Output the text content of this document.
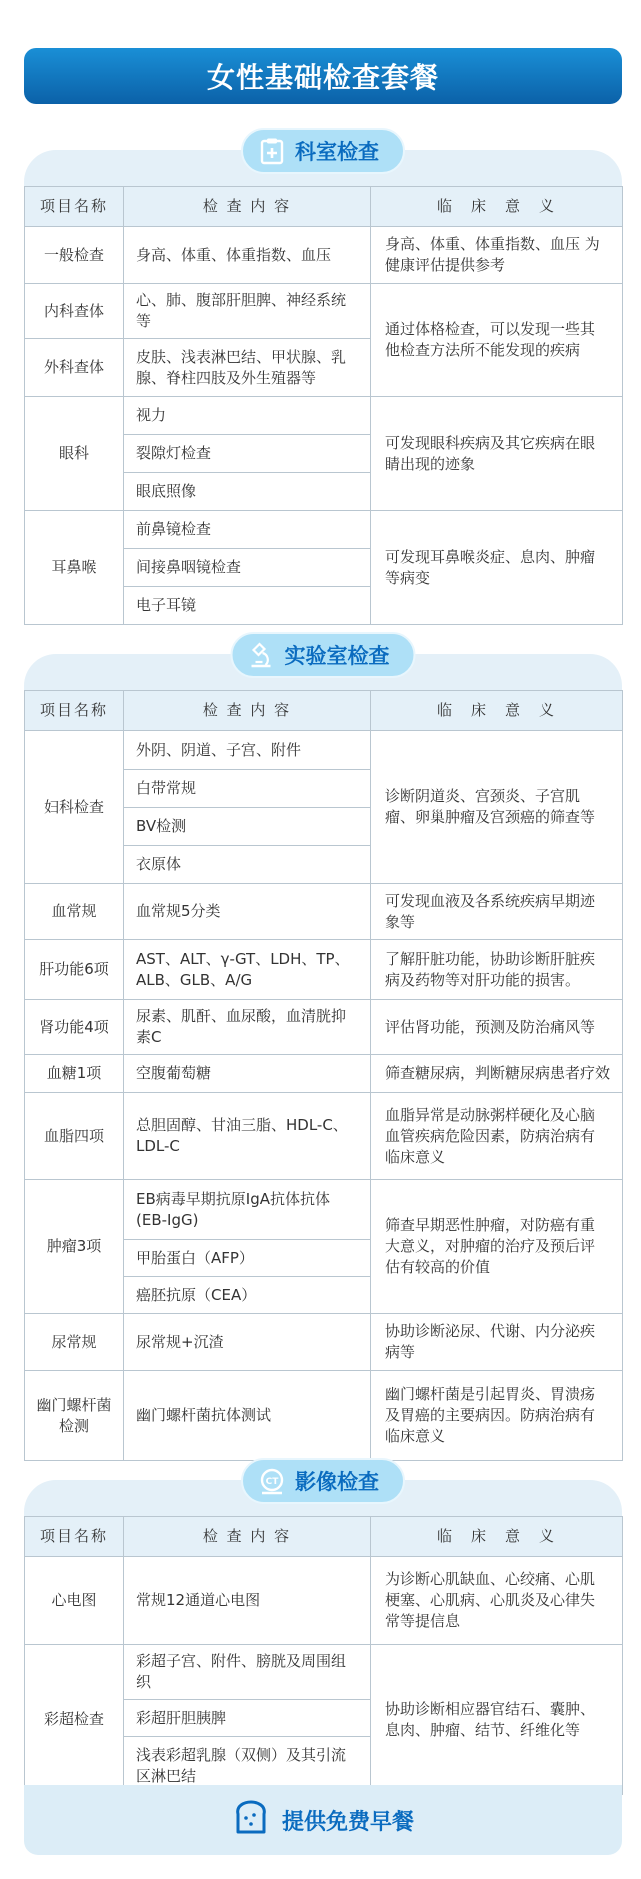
女性基础检查套餐
科室检查
项目名称	检 查 内 容	临　床　意　义
一般检查	身高、体重、体重指数、血压	身高、体重、体重指数、血压 为健康评估提供参考
内科查体	心、肺、腹部肝胆脾、神经系统等	通过体格检查，可以发现一些其他检查方法所不能发现的疾病
外科查体	皮肤、浅表淋巴结、甲状腺、乳腺、脊柱四肢及外生殖器等	
眼科	视力	可发现眼科疾病及其它疾病在眼睛出现的迹象
	裂隙灯检查	
	眼底照像	
耳鼻喉	前鼻镜检查	可发现耳鼻喉炎症、息肉、肿瘤等病变
	间接鼻咽镜检查	
	电子耳镜	
实验室检查
项目名称	检 查 内 容	临　床　意　义
妇科检查	外阴、阴道、子宫、附件	诊断阴道炎、宫颈炎、子宫肌瘤、卵巢肿瘤及宫颈癌的筛查等
	白带常规	
	BV检测	
	衣原体	
血常规	血常规5分类	可发现血液及各系统疾病早期迹象等
肝功能6项	AST、ALT、γ-GT、LDH、TP、ALB、GLB、A/G	了解肝脏功能，协助诊断肝脏疾病及药物等对肝功能的损害。
肾功能4项	尿素、肌酐、血尿酸，血清胱抑素C	评估肾功能，预测及防治痛风等
血糖1项	空腹葡萄糖	筛查糖尿病，判断糖尿病患者疗效
血脂四项	总胆固醇、甘油三脂、HDL-C、LDL-C	血脂异常是动脉粥样硬化及心脑血管疾病危险因素，防病治病有临床意义
肿瘤3项	EB病毒早期抗原IgA抗体抗体(EB-IgG)	筛查早期恶性肿瘤，对防癌有重大意义，对肿瘤的治疗及预后评估有较高的价值
	甲胎蛋白（AFP）	
	癌胚抗原（CEA）	
尿常规	尿常规+沉渣	协助诊断泌尿、代谢、内分泌疾病等
幽门螺杆菌检测	幽门螺杆菌抗体测试	幽门螺杆菌是引起胃炎、胃溃疡及胃癌的主要病因。防病治病有临床意义
CT 影像检查
项目名称	检 查 内 容	临　床　意　义
心电图	常规12通道心电图	为诊断心肌缺血、心绞痛、心肌梗塞、心肌病、心肌炎及心律失常等提信息
彩超检查	彩超子宫、附件、膀胱及周围组织	协助诊断相应器官结石、囊肿、息肉、肿瘤、结节、纤维化等
	彩超肝胆胰脾	
	浅表彩超乳腺（双侧）及其引流区淋巴结	
提供免费早餐
